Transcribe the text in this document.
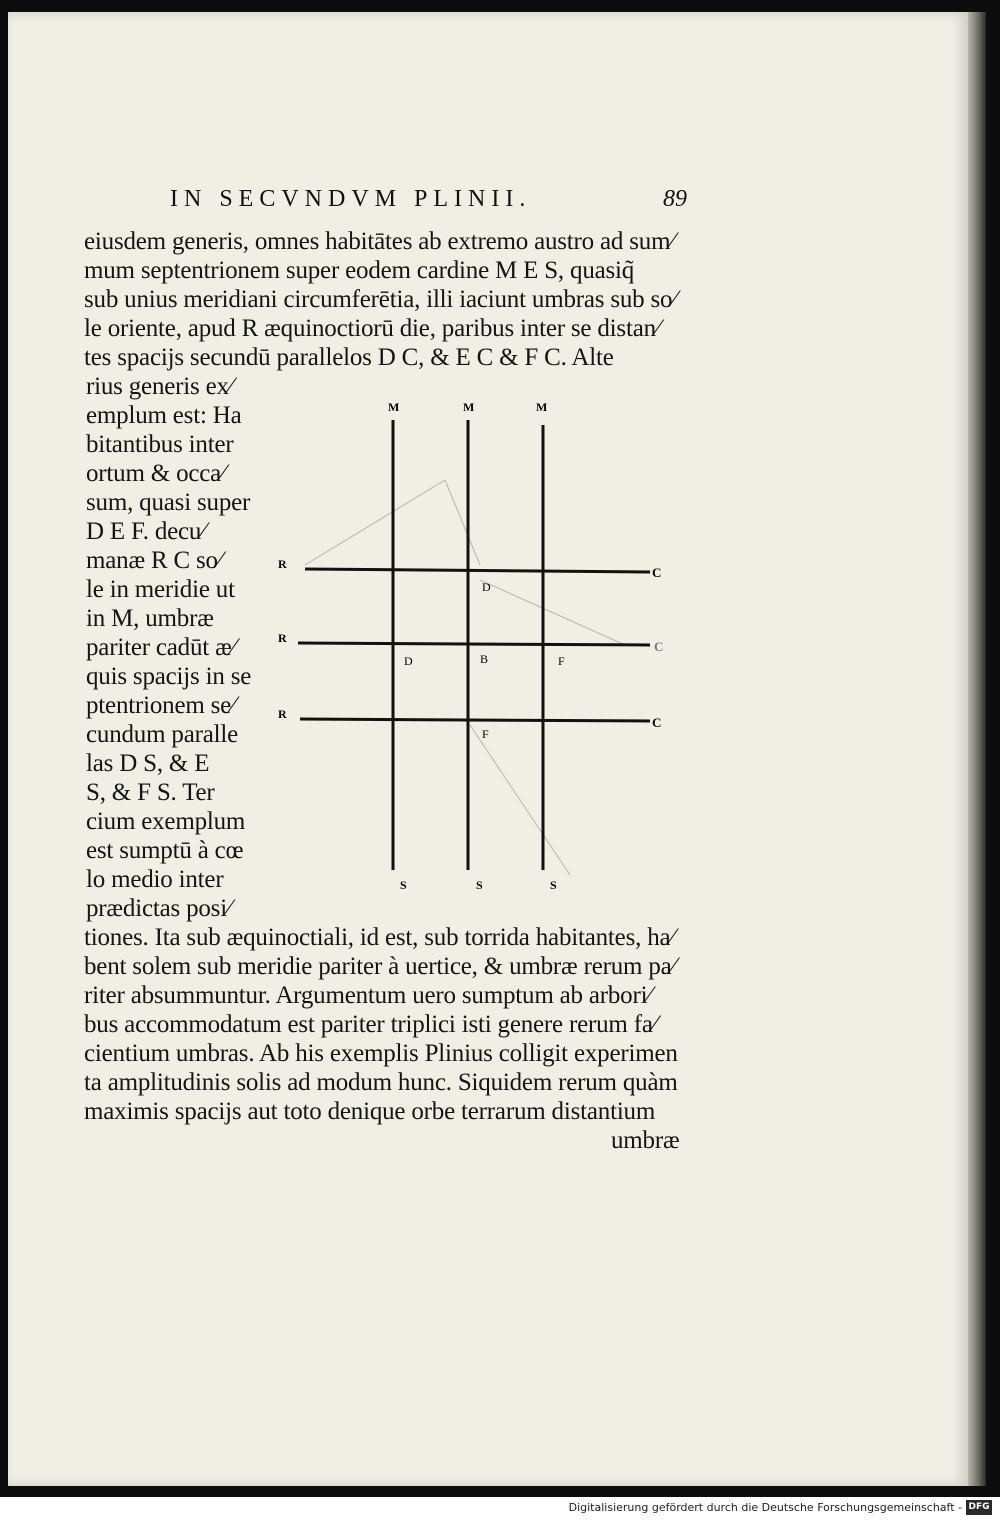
IN SECVNDVM PLINII.	89
eiusdem generis, omnes habitātes ab extremo austro ad sum⁄
mum septentrionem super eodem cardine M E S, quasiq̃
sub unius meridiani circumferētia, illi iaciunt umbras sub so⁄
le oriente, apud R æquinoctiorū die, paribus inter se distan⁄
tes spacijs secundū parallelos D C, & E C & F C. Alte
rius generis ex⁄
emplum est: Ha
bitantibus inter
ortum & occa⁄
sum, quasi super
D E F. decu⁄
manæ R C so⁄
le in meridie ut
in M, umbræ
pariter cadūt æ⁄
quis spacijs in se
ptentrionem se⁄
cundum paralle
las D S, & E
S, & F S. Ter
cium exemplum
est sumptū à cœ
lo medio inter
prædictas posi⁄
M	M	M
S	S	S
R
R
R
C
C
C
D
D	B	F
F
tiones. Ita sub æquinoctiali, id est, sub torrida habitantes, ha⁄
bent solem sub meridie pariter à uertice, & umbræ rerum pa⁄
riter absummuntur. Argumentum uero sumptum ab arbori⁄
bus accommodatum est pariter triplici isti genere rerum fa⁄
cientium umbras. Ab his exemplis Plinius colligit experimen
ta amplitudinis solis ad modum hunc. Siquidem rerum quàm
maximis spacijs aut toto denique orbe terrarum distantium
umbræ
Digitalisierung gefördert durch die Deutsche Forschungsgemeinschaft - DFG
